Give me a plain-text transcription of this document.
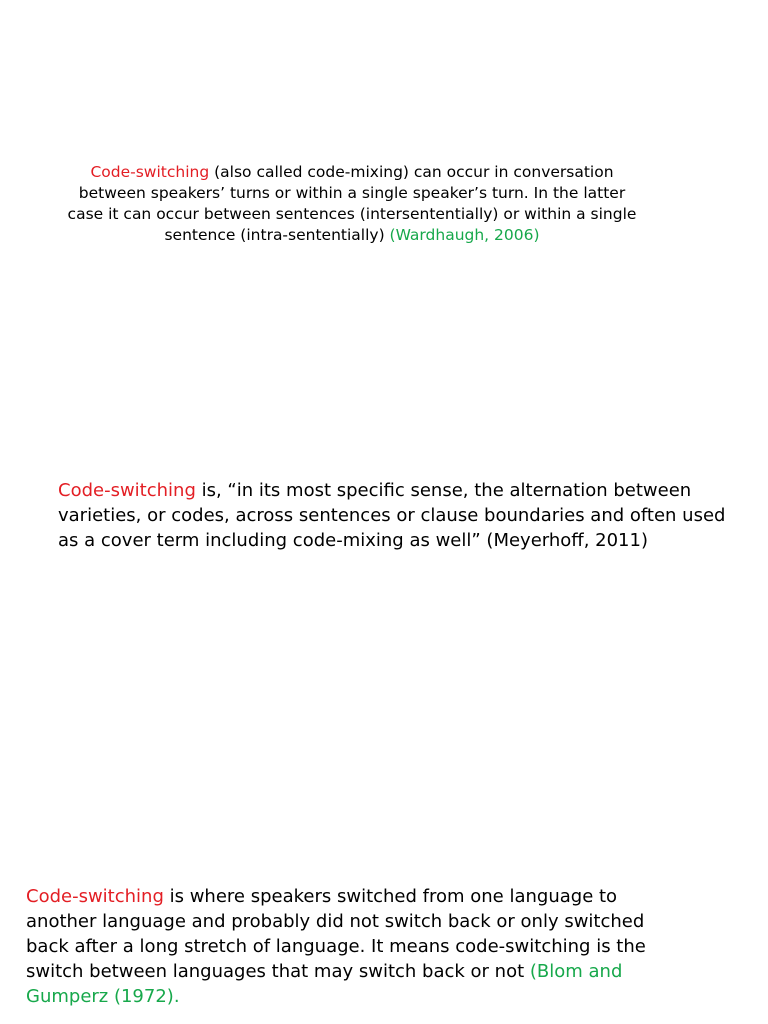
Code-switching (also called code-mixing) can occur in conversation between speakers’ turns or within a single speaker’s turn. In the latter case it can occur between sentences (intersententially) or within a single sentence (intra-sententially) (Wardhaugh, 2006)

Code-switching is, “in its most specific sense, the alternation between varieties, or codes, across sentences or clause boundaries and often used as a cover term including code-mixing as well” (Meyerhoff, 2011)

Code-switching is where speakers switched from one language to another language and probably did not switch back or only switched back after a long stretch of language. It means code-switching is the switch between languages that may switch back or not (Blom and Gumperz (1972).
